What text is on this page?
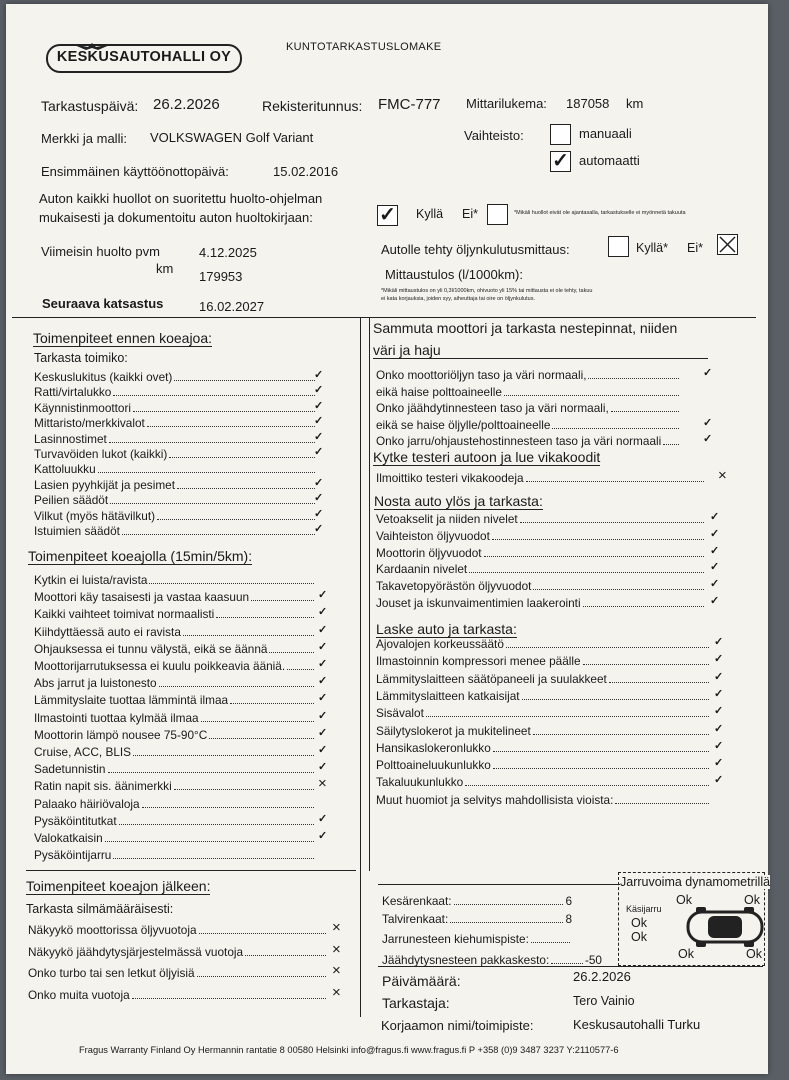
KESKUSAUTOHALLI OY
KUNTOTARKASTUSLOMAKE
Tarkastuspäivä: 26.2.2026	Rekisteritunnus: FMC-777 Mittarilukema: 187058 km
Merkki ja malli: VOLKSWAGEN Golf Variant	Vaihteisto:	manuaali
✓ automaatti
Ensimmäinen käyttöönottopäivä:	15.02.2016
Auton kaikki huollot on suoritettu huolto-ohjelman
mukaisesti ja dokumentoitu auton huoltokirjaan:	✓ Kyllä Ei*	*Mikäli huollot eivät ole ajantasalla, tarkastukselle ei myönnetä takuuta
Viimeisin huolto pvm	4.12.2025
km
179953
Seuraava katsastus	16.02.2027
Autolle tehty öljynkulutusmittaus:	Kyllä* Ei*
Mittaustulos (l/1000km):
*Mikäli mittaustulos on yli 0,3l/1000km, ohivuoto yli 15% tai mittausta ei ole tehty, takuu
ei kata korjauksia, joiden syy, aiheuttaja tai oire on öljynkulutus.
Toimenpiteet ennen koeajoa:
Tarkasta toimiko:
Keskuslukitus (kaikki ovet)	✓
Ratti/virtalukko	✓
Käynnistinmoottori	✓
Mittaristo/merkkivalot	✓
Lasinnostimet	✓
Turvavöiden lukot (kaikki)	✓
Kattoluukku
Lasien pyyhkijät ja pesimet	✓
Peilien säädöt	✓
Vilkut (myös hätävilkut)	✓
Istuimien säädöt	✓
Toimenpiteet koeajolla (15min/5km):
Kytkin ei luista/ravista
Moottori käy tasaisesti ja vastaa kaasuun	✓
Kaikki vaihteet toimivat normaalisti	✓
Kiihdyttäessä auto ei ravista	✓
Ohjauksessa ei tunnu välystä, eikä se äännä	✓
Moottorijarrutuksessa ei kuulu poikkeavia ääniä.	✓
Abs jarrut ja luistonesto	✓
Lämmityslaite tuottaa lämmintä ilmaa	✓
Ilmastointi tuottaa kylmää ilmaa	✓
Moottorin lämpö nousee 75-90°C	✓
Cruise, ACC, BLIS	✓
Sadetunnistin	✓
Ratin napit sis. äänimerkki	×
Palaako häiriövaloja
Pysäköintitutkat	✓
Valokatkaisin	✓
Pysäköintijarru
Toimenpiteet koeajon jälkeen:
Tarkasta silmämääräisesti:
Näkyykö moottorissa öljyvuotoja	×
Näkyykö jäähdytysjärjestelmässä vuotoja	×
Onko turbo tai sen letkut öljyisiä	×
Onko muita vuotoja	×
Sammuta moottori ja tarkasta nestepinnat, niiden
väri ja haju
Onko moottoriöljyn taso ja väri normaali,	✓
eikä haise polttoaineelle
Onko jäähdytinnesteen taso ja väri normaali,
eikä se haise öljylle/polttoaineelle	✓
Onko jarru/ohjaustehostinnesteen taso ja väri normaali	✓
Kytke testeri autoon ja lue vikakoodit
Ilmoittiko testeri vikakoodeja	×
Nosta auto ylös ja tarkasta:
Vetoakselit ja niiden nivelet	✓
Vaihteiston öljyvuodot	✓
Moottorin öljyvuodot	✓
Kardaanin nivelet	✓
Takavetopyörästön öljyvuodot	✓
Jouset ja iskunvaimentimien laakerointi	✓
Laske auto ja tarkasta:
Ajovalojen korkeussäätö	✓
Ilmastoinnin kompressori menee päälle	✓
Lämmityslaitteen säätöpaneeli ja suulakkeet	✓
Lämmityslaitteen katkaisijat	✓
Sisävalot	✓
Säilytyslokerot ja mukitelineet	✓
Hansikaslokeronlukko	✓
Polttoaineluukunlukko	✓
Takaluukunlukko	✓
Muut huomiot ja selvitys mahdollisista vioista:
Kesärenkaat:	6
Talvirenkaat:	8
Jarrunesteen kiehumispiste:
Jäähdytysnesteen pakkaskesto:	-50
Jarruvoima dynamometrillä
Käsijarru
Ok
Ok
Ok	Ok
Ok	Ok
Päivämäärä:	26.2.2026
Tarkastaja:	Tero Vainio
Korjaamon nimi/toimipiste:	Keskusautohalli Turku
Fragus Warranty Finland Oy Hermannin rantatie 8 00580 Helsinki info@fragus.fi www.fragus.fi P +358 (0)9 3487 3237 Y:2110577-6
